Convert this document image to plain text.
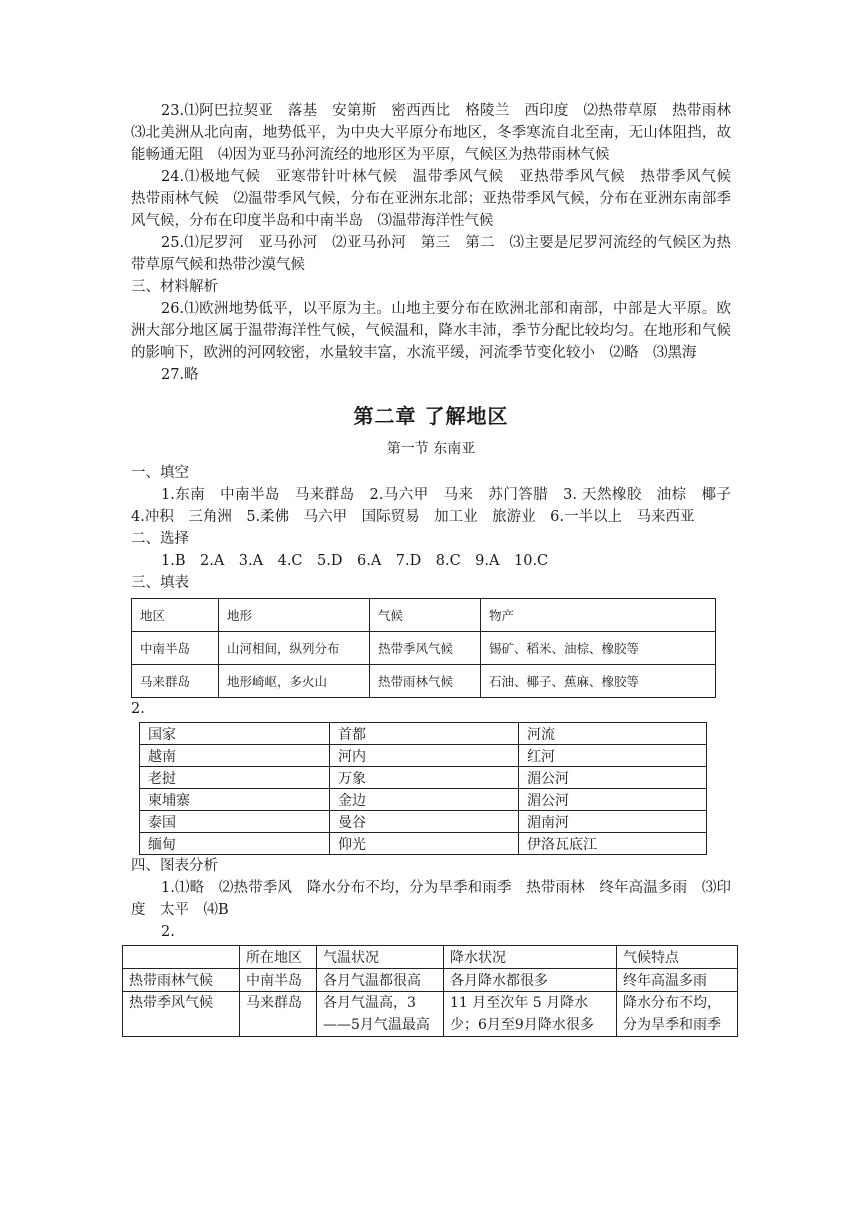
23.⑴阿巴拉契亚　落基　安第斯　密西西比　格陵兰　西印度　⑵热带草原　热带雨林　⑶北美洲从北向南，地势低平，为中央大平原分布地区，冬季寒流自北至南，无山体阻挡，故能畅通无阻　⑷因为亚马孙河流经的地形区为平原，气候区为热带雨林气候

24.⑴极地气候　亚寒带针叶林气候　温带季风气候　亚热带季风气候　热带季风气候　热带雨林气候　⑵温带季风气候，分布在亚洲东北部；亚热带季风气候，分布在亚洲东南部季风气候，分布在印度半岛和中南半岛　⑶温带海洋性气候

25.⑴尼罗河　亚马孙河　⑵亚马孙河　第三　第二　⑶主要是尼罗河流经的气候区为热带草原气候和热带沙漠气候

三、材料解析

26.⑴欧洲地势低平，以平原为主。山地主要分布在欧洲北部和南部，中部是大平原。欧洲大部分地区属于温带海洋性气候，气候温和，降水丰沛，季节分配比较均匀。在地形和气候的影响下，欧洲的河网较密，水量较丰富，水流平缓，河流季节变化较小　⑵略　⑶黑海

27.略

第二章 了解地区
第一节 东南亚

一、填空

1.东南　中南半岛　马来群岛　2.马六甲　马来　苏门答腊　3. 天然橡胶　油棕　椰子　4.冲积　三角洲　5.柔佛　马六甲　国际贸易　加工业　旅游业　6.一半以上　马来西亚

二、选择

1.B　2.A　3.A　4.C　5.D　6.A　7.D　8.C　9.A　10.C

三、填表

地区	地形	气候	物产
中南半岛	山河相间，纵列分布	热带季风气候	锡矿、稻米、油棕、橡胶等
马来群岛	地形崎岖，多火山	热带雨林气候	石油、椰子、蕉麻、橡胶等

2.

国家	首都	河流
越南	河内	红河
老挝	万象	湄公河
柬埔寨	金边	湄公河
泰国	曼谷	湄南河
缅甸	仰光	伊洛瓦底江

四、图表分析

1.⑴略　⑵热带季风　降水分布不均，分为旱季和雨季　热带雨林　终年高温多雨　⑶印度　太平　⑷B

2.

	所在地区	气温状况	降水状况	气候特点
热带雨林气候	中南半岛	各月气温都很高	各月降水都很多	终年高温多雨
热带季风气候	马来群岛	各月气温高，3——5月气温最高	11 月至次年 5 月降水少；6月至9月降水很多	降水分布不均，分为旱季和雨季
